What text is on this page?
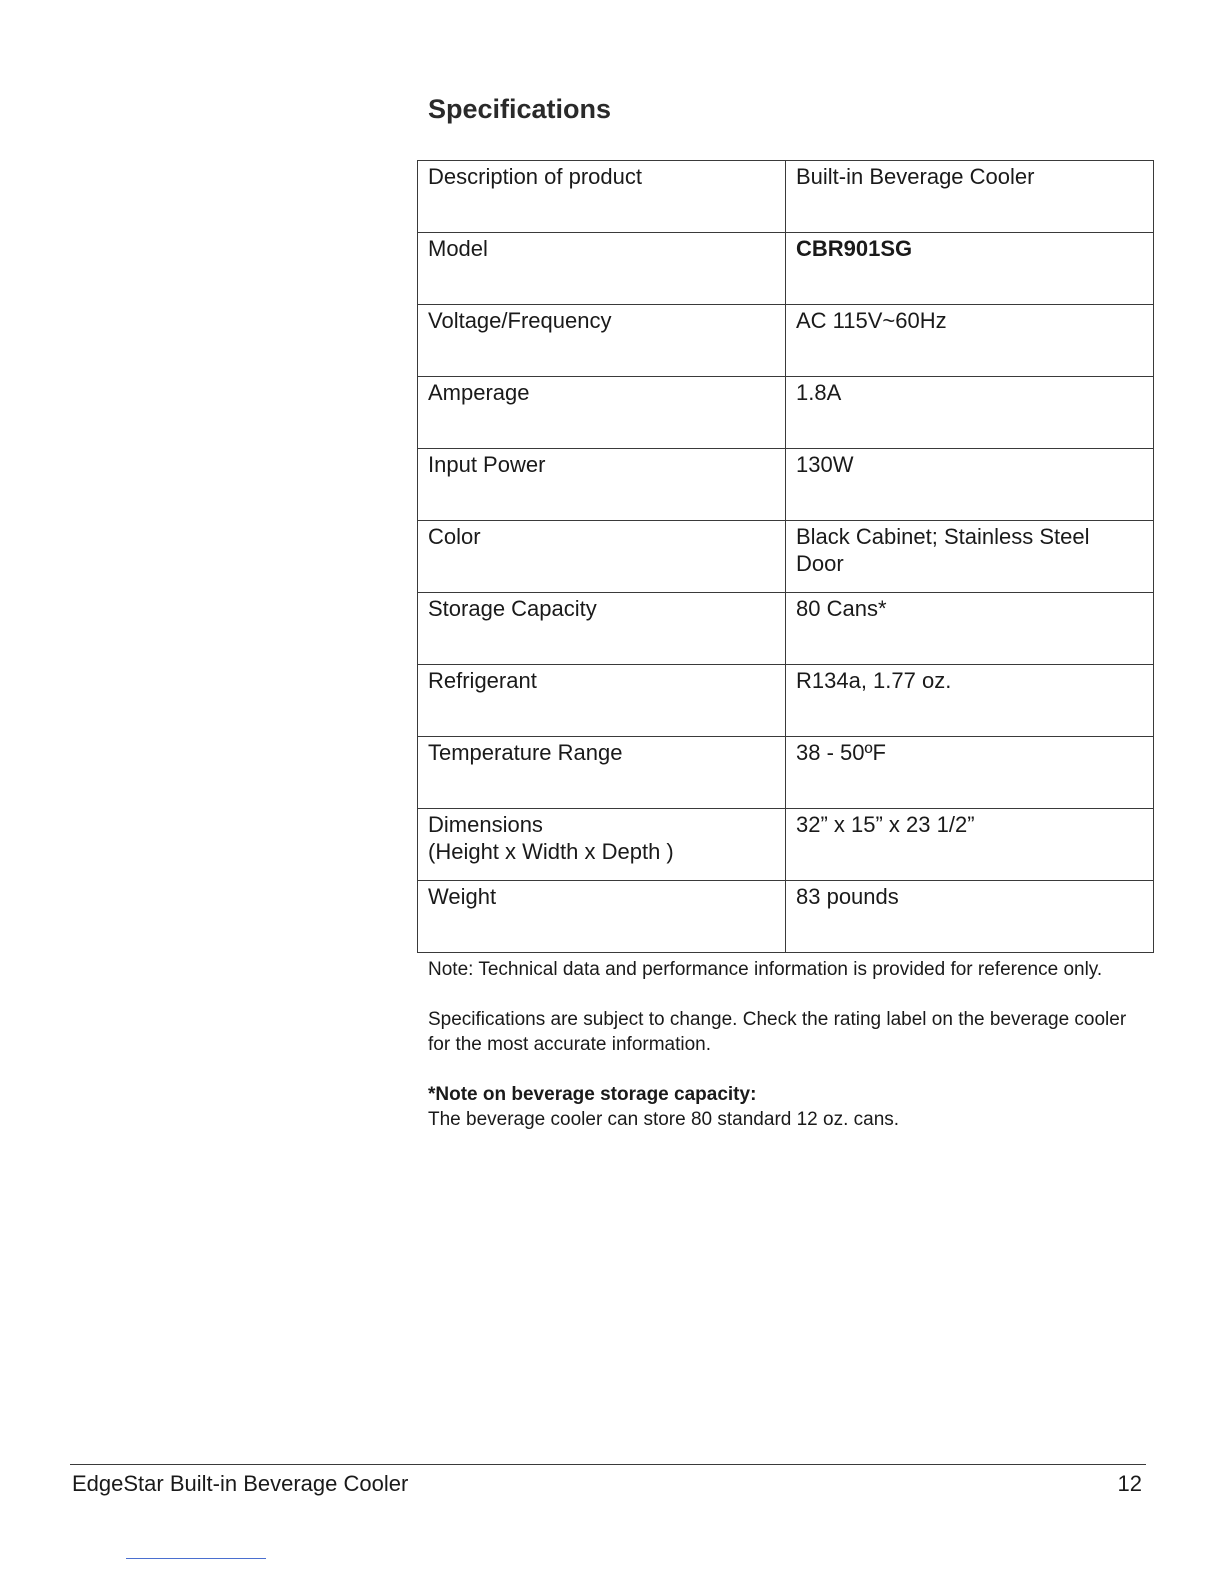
Specifications
Description of product	Built-in Beverage Cooler
Model	CBR901SG
Voltage/Frequency	AC 115V~60Hz
Amperage	1.8A
Input Power	130W
Color	Black Cabinet; Stainless Steel Door
Storage Capacity	80 Cans*
Refrigerant	R134a, 1.77 oz.
Temperature Range	38 - 50ºF
Dimensions
(Height x Width x Depth )	32” x 15” x 23 1/2”
Weight	83 pounds

Note: Technical data and performance information is provided for reference only.

Specifications are subject to change. Check the rating label on the beverage cooler for the most accurate information.

*Note on beverage storage capacity:

The beverage cooler can store 80 standard 12 oz. cans.

EdgeStar Built-in Beverage Cooler	12
